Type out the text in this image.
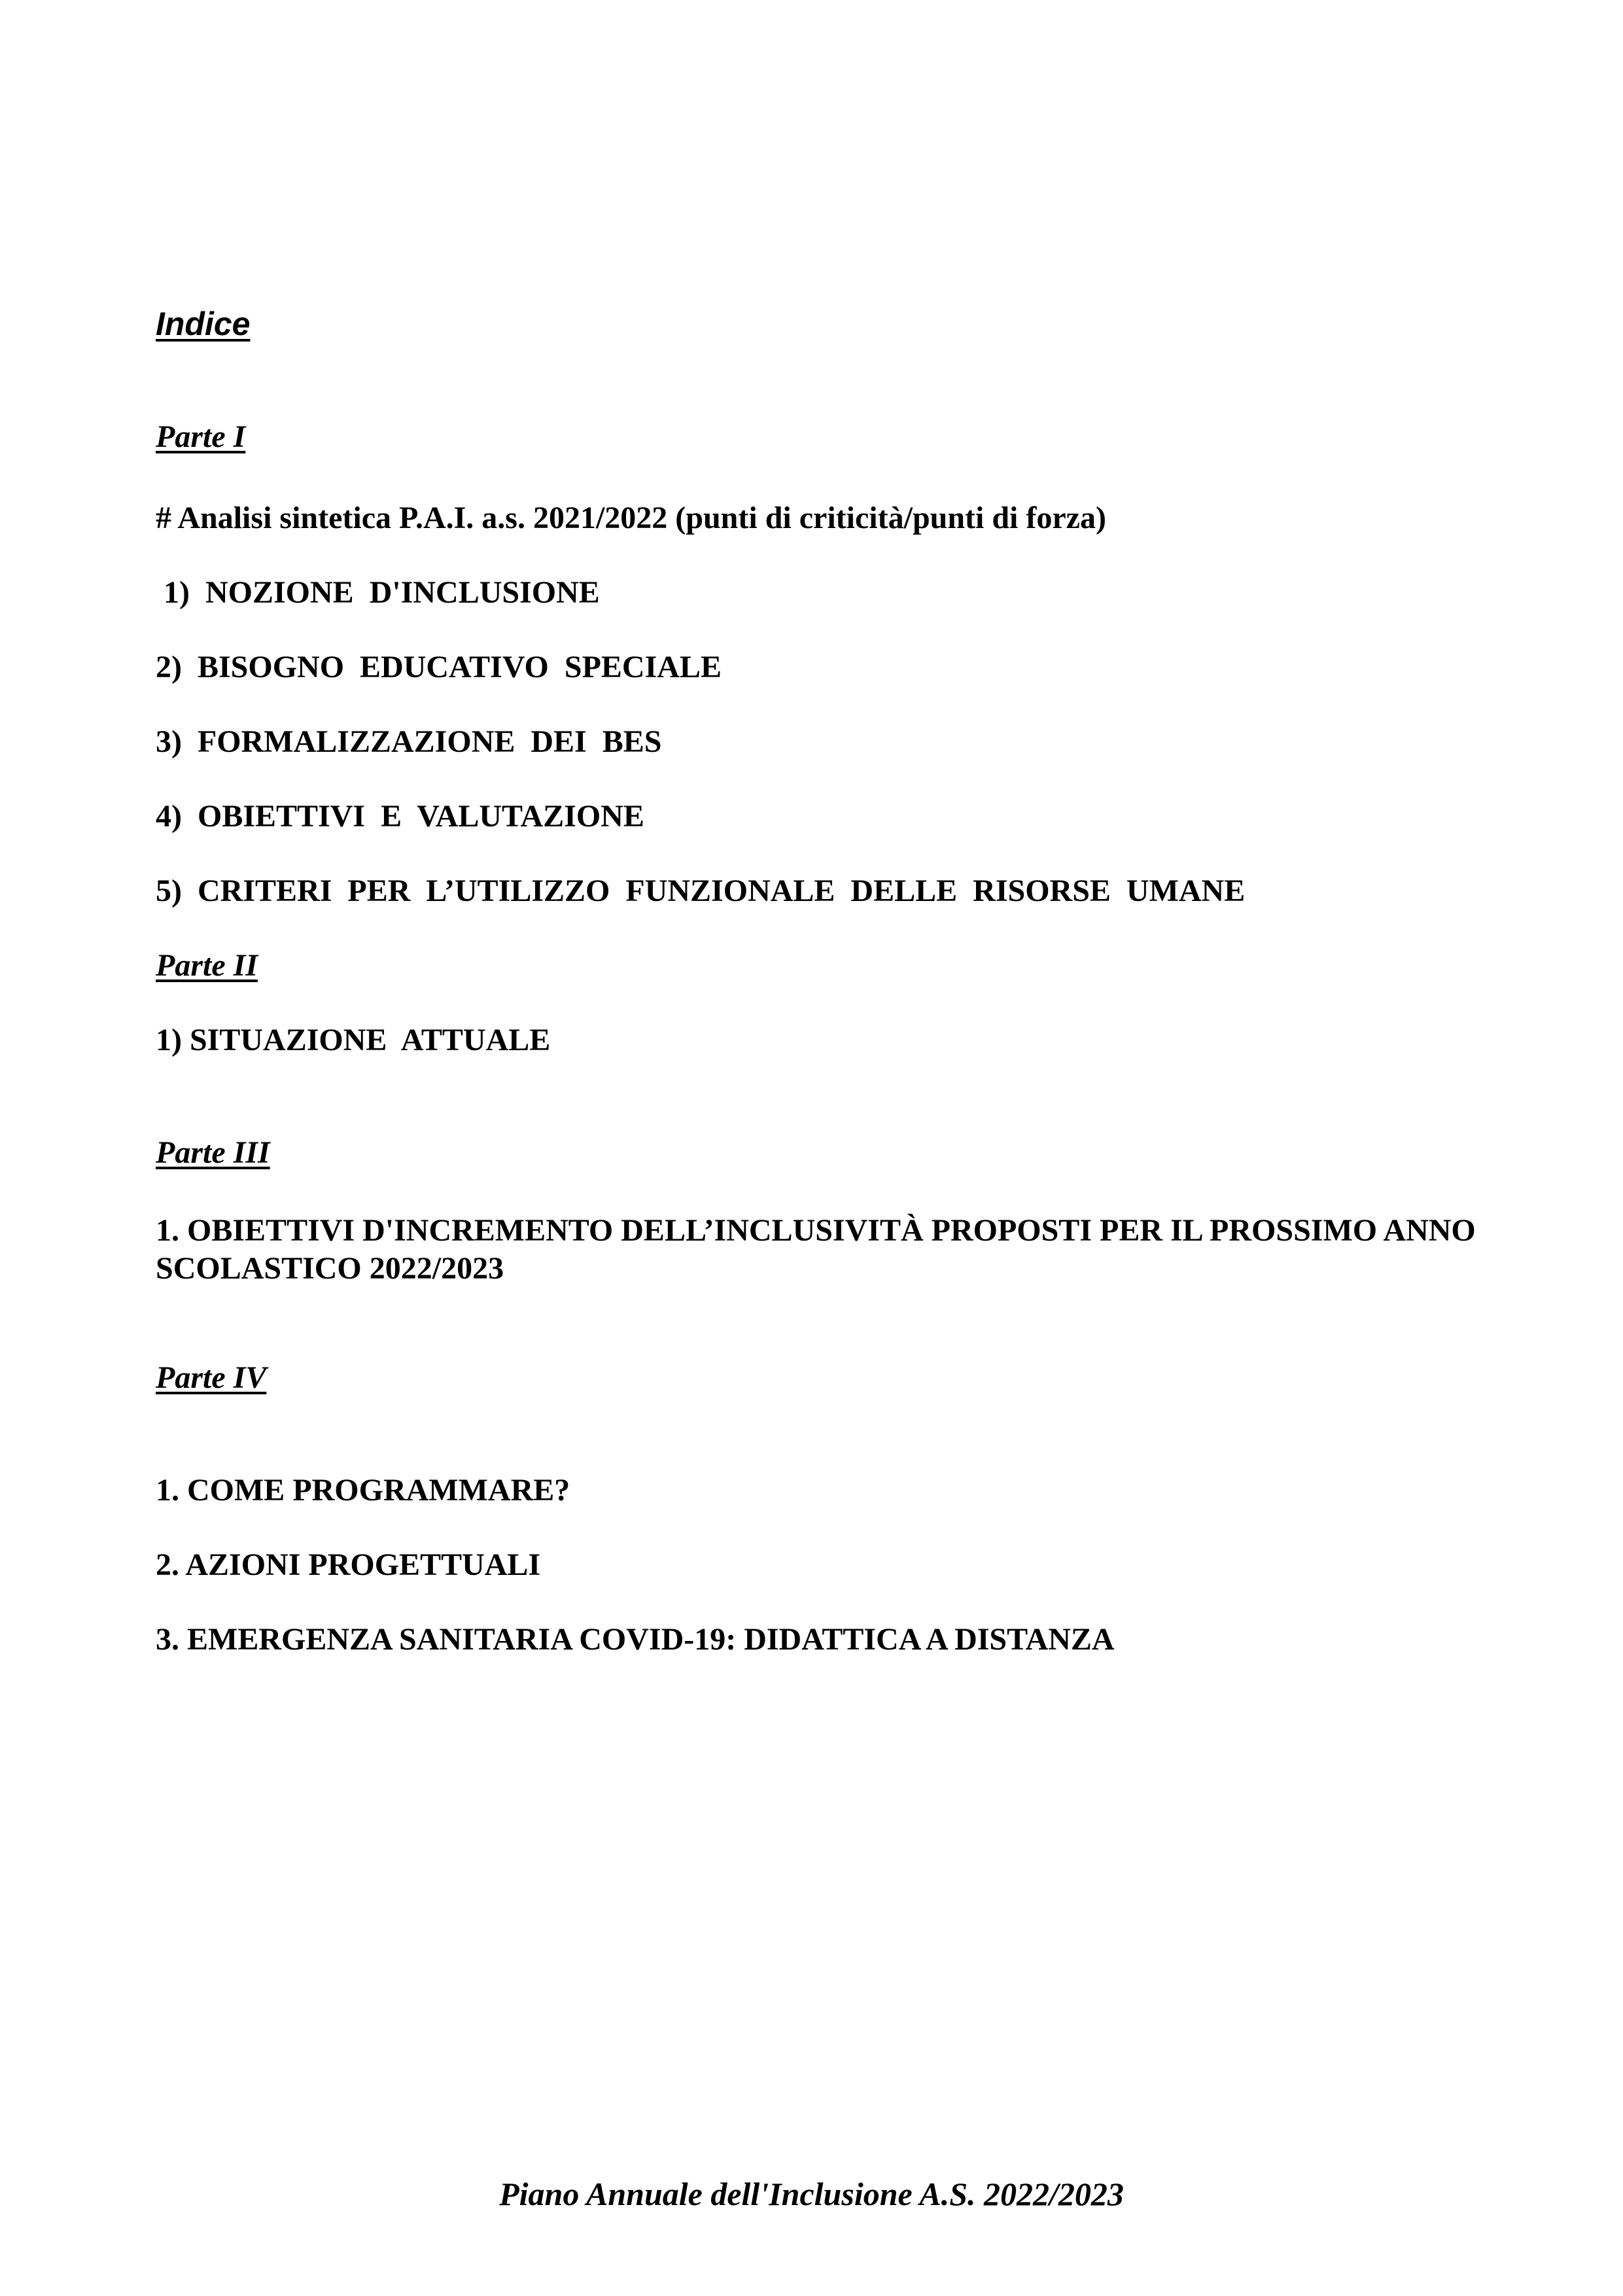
Indice

Parte I

# Analisi sintetica P.A.I. a.s. 2021/2022 (punti di criticità/punti di forza)

1)  NOZIONE  D'INCLUSIONE

2)  BISOGNO  EDUCATIVO  SPECIALE

3)  FORMALIZZAZIONE  DEI  BES

4)  OBIETTIVI  E  VALUTAZIONE

5)  CRITERI  PER  L’UTILIZZO  FUNZIONALE  DELLE  RISORSE  UMANE

Parte II

1) SITUAZIONE  ATTUALE

Parte III

1. OBIETTIVI D'INCREMENTO DELL’INCLUSIVITÀ PROPOSTI PER IL PROSSIMO ANNO SCOLASTICO 2022/2023

Parte IV

1. COME PROGRAMMARE?

2. AZIONI PROGETTUALI

3. EMERGENZA SANITARIA COVID-19: DIDATTICA A DISTANZA

Piano Annuale dell'Inclusione A.S. 2022/2023
